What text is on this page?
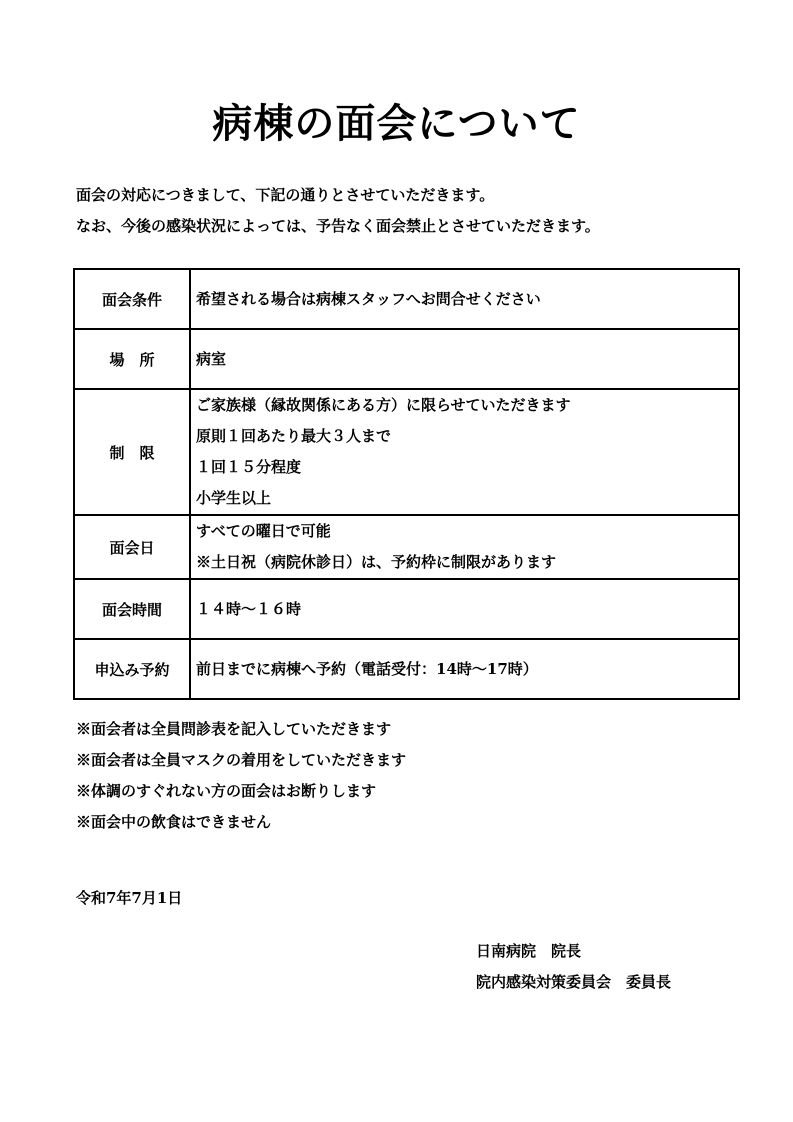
病棟の面会について
面会の対応につきまして、下記の通りとさせていただきます。
なお、今後の感染状況によっては、予告なく面会禁止とさせていただきます。
面会条件	希望される場合は病棟スタッフへお問合せください

場　所	病室

制　限	ご家族様（縁故関係にある方）に限らせていただきます
原則１回あたり最大３人まで
１回１５分程度
小学生以上

面会日	すべての曜日で可能
※土日祝（病院休診日）は、予約枠に制限があります

面会時間	１４時～１６時

申込み予約	前日までに病棟へ予約（電話受付：14時～17時）
※面会者は全員問診表を記入していただきます
※面会者は全員マスクの着用をしていただきます
※体調のすぐれない方の面会はお断りします
※面会中の飲食はできません
令和7年7月1日
日南病院　院長
院内感染対策委員会　委員長
